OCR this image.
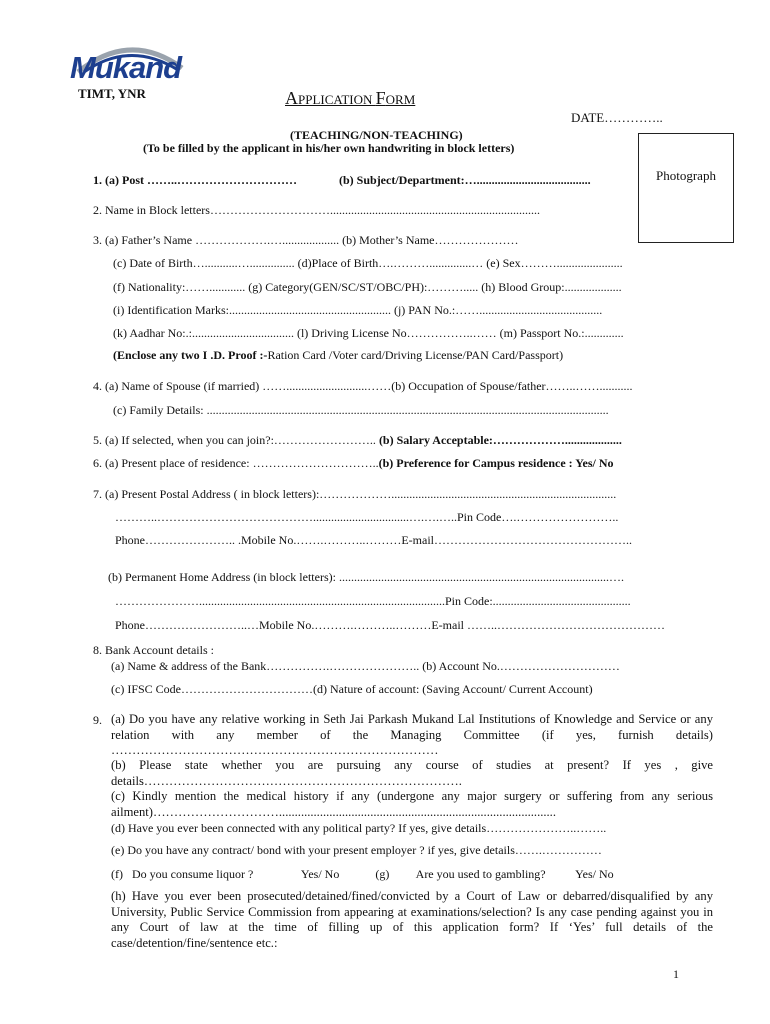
Mukand
TIMT, YNR	APPLICATION FORM
DATE…………..
(TEACHING/NON-TEACHING)
(To be filled by the applicant in his/her own handwriting in block letters)
Photograph
1. (a) Post ……..…………………………	(b) Subject/Department:…......................................
2. Name in Block letters…………………………......................................................................
3. (a) Father’s Name ……………….…................... (b) Mother’s Name…………………
(c) Date of Birth…...........…............... (d)Place of Birth….………..............… (e) Sex………......................
(f) Nationality:……............ (g) Category(GEN/SC/ST/OBC/PH):………..... (h) Blood Group:...................
(i) Identification Marks:...................................................... (j) PAN No.:…….........................................
(k) Aadhar No:.:.................................. (l) Driving License No……………..…… (m) Passport No.:.............
(Enclose any two I .D. Proof :-Ration Card /Voter card/Driving License/PAN Card/Passport)
4. (a) Name of Spouse (if married) ……...........................……(b) Occupation of Spouse/father……..……...........
(c) Family Details: ......................................................................................................................................
5. (a) If selected, when you can join?:…………………….. (b) Salary Acceptable:………………...................
6. (a) Present place of residence: …………………………..(b) Preference for Campus residence : Yes/ No
7. (a) Present Postal Address ( in block letters):………………...........................................................................
………..…………………………………................................….….…..Pin Code….……………………..
Phone………………….. .Mobile No.…….………..………E-mail…………………………………………..
(b) Permanent Home Address (in block letters): ..........................................................................................….
…………………..................................................................................Pin Code:..............................................
Phone……………………..…Mobile No.……….………..………E-mail ……..……………………………………
8. Bank Account details :
(a) Name & address of the Bank…………….………………….. (b) Account No.…………………………
(c) IFSC Code……………………………(d) Nature of account: (Saving Account/ Current Account)
9. (a) Do you have any relative working in Seth Jai Parkash Mukand Lal Institutions of Knowledge and Service or any relation with any member of the Managing Committee (if yes, furnish details) ……………………………………………………………………
(b) Please state whether you are pursuing any course of studies at present? If yes , give details………………………………………………………………….
(c) Kindly mention the medical history if any (undergone any major surgery or suffering from any serious ailment)…………………………........................................................................................
(d) Have you ever been connected with any political party? If yes, give details…………………..……..
(e) Do you have any contract/ bond with your present employer ? if yes, give details…….……………
(f)   Do you consume liquor ?                Yes/ No            (g)         Are you used to gambling?          Yes/ No
(h) Have you ever been prosecuted/detained/fined/convicted by a Court of Law or debarred/disqualified by any University, Public Service Commission from appearing at examinations/selection? Is any case pending against you in any Court of law at the time of filling up of this application form? If ‘Yes’ full details of the case/detention/fine/sentence etc.:
1
